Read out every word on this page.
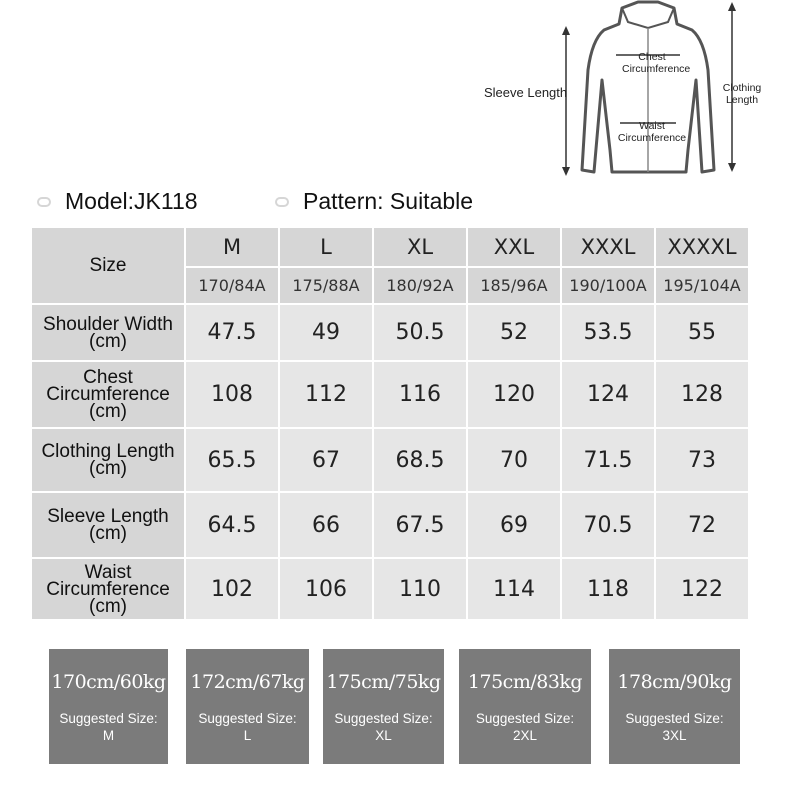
Chest
Circumference
Waist
Circumference
Sleeve Length	Clothing
Length
Model:JK118	Pattern: Suitable
Size	M	L	XL	XXL	XXXL	XXXXL
	170/84A	175/88A	180/92A	185/96A	190/100A	195/104A

Shoulder Width
(cm)	47.5	49	50.5	52	53.5	55

Chest
Circumference
(cm)	108	112	116	120	124	128

Clothing Length
(cm)	65.5	67	68.5	70	71.5	73

Sleeve Length
(cm)	64.5	66	67.5	69	70.5	72

Waist
Circumference
(cm)	102	106	110	114	118	122
170cm/60kg
Suggested Size:
M
172cm/67kg
Suggested Size:
L
175cm/75kg
Suggested Size:
XL
175cm/83kg
Suggested Size:
2XL
178cm/90kg
Suggested Size:
3XL
